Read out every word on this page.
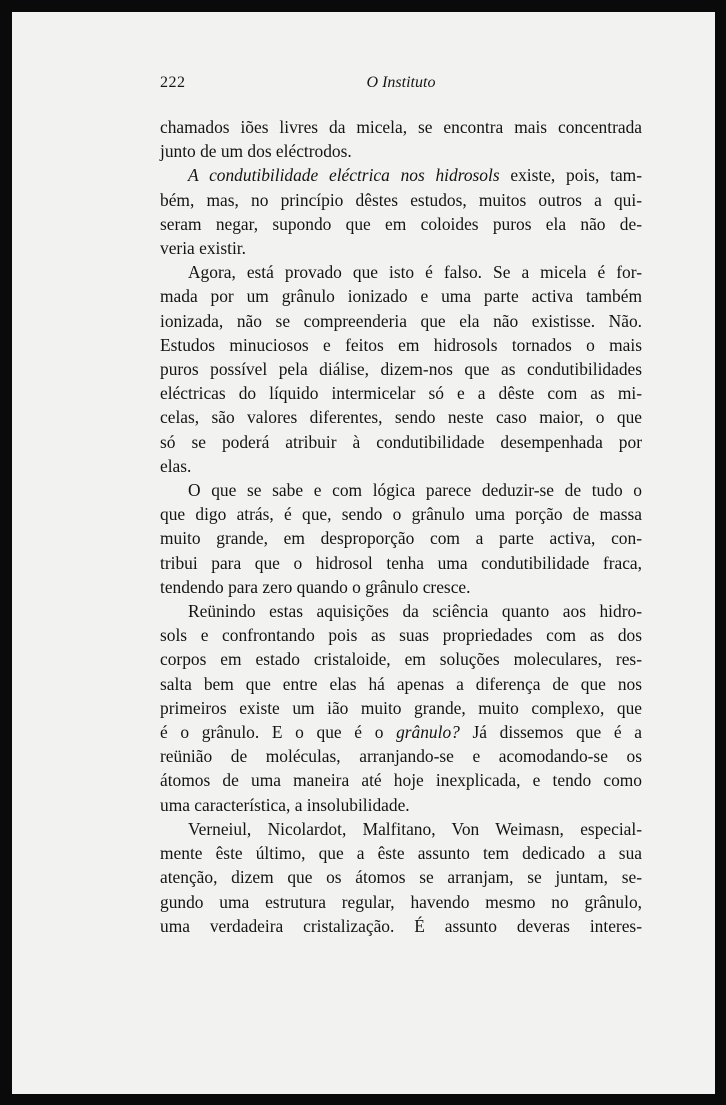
222	O Instituto

chamados iões livres da micela, se encontra mais concentrada
junto de um dos eléctrodos.

A condutibilidade eléctrica nos hidrosols existe, pois, tam-
bém, mas, no princípio dêstes estudos, muitos outros a qui-
seram negar, supondo que em coloides puros ela não de-
veria existir.

Agora, está provado que isto é falso. Se a micela é for-
mada por um grânulo ionizado e uma parte activa também
ionizada, não se compreenderia que ela não existisse. Não.
Estudos minuciosos e feitos em hidrosols tornados o mais
puros possível pela diálise, dizem-nos que as condutibilidades
eléctricas do líquido intermicelar só e a dêste com as mi-
celas, são valores diferentes, sendo neste caso maior, o que
só se poderá atribuir à condutibilidade desempenhada por
elas.

O que se sabe e com lógica parece deduzir-se de tudo o
que digo atrás, é que, sendo o grânulo uma porção de massa
muito grande, em desproporção com a parte activa, con-
tribui para que o hidrosol tenha uma condutibilidade fraca,
tendendo para zero quando o grânulo cresce.

Reünindo estas aquisições da sciência quanto aos hidro-
sols e confrontando pois as suas propriedades com as dos
corpos em estado cristaloide, em soluções moleculares, res-
salta bem que entre elas há apenas a diferença de que nos
primeiros existe um ião muito grande, muito complexo, que
é o grânulo. E o que é o grânulo? Já dissemos que é a
reünião de moléculas, arranjando-se e acomodando-se os
átomos de uma maneira até hoje inexplicada, e tendo como
uma característica, a insolubilidade.

Verneiul, Nicolardot, Malfitano, Von Weimasn, especial-
mente êste último, que a êste assunto tem dedicado a sua
atenção, dizem que os átomos se arranjam, se juntam, se-
gundo uma estrutura regular, havendo mesmo no grânulo,
uma verdadeira cristalização. É assunto deveras interes-
